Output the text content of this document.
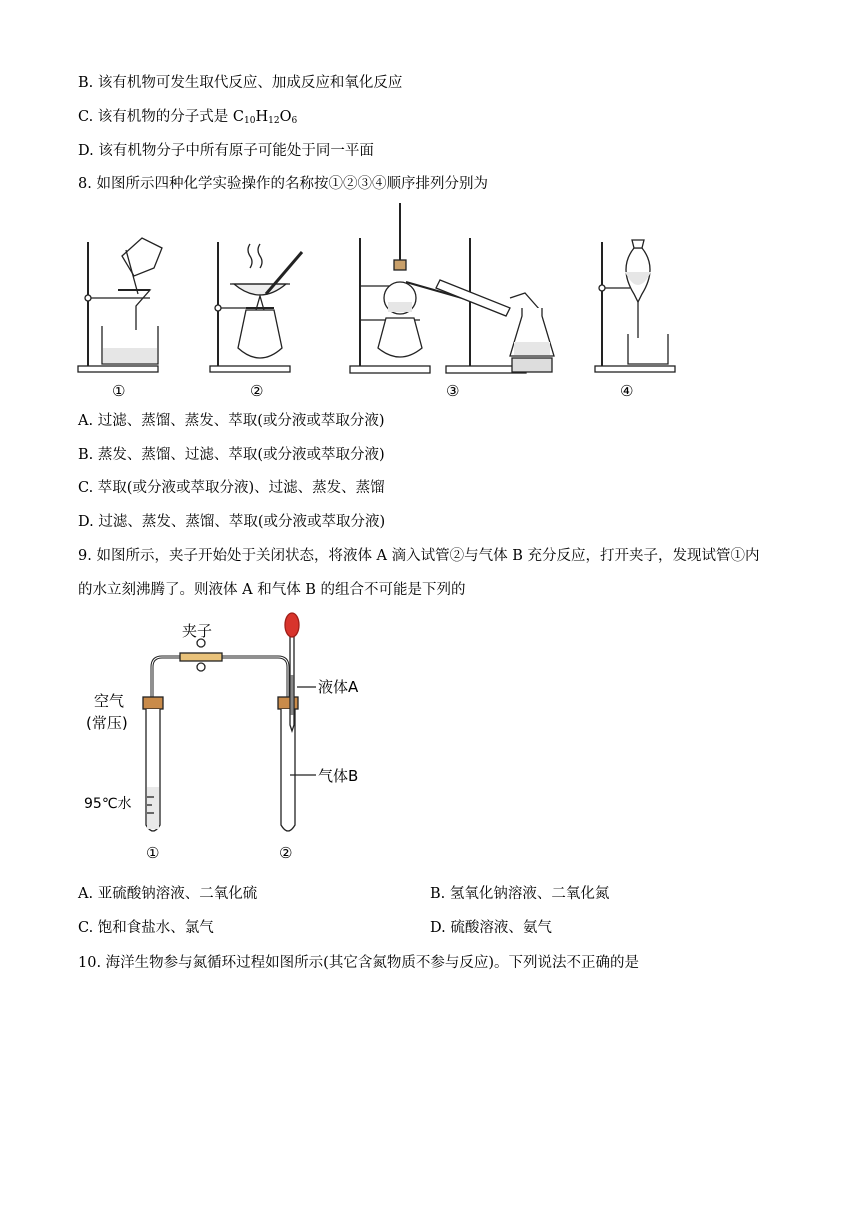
B. 该有机物可发生取代反应、加成反应和氧化反应
C. 该有机物的分子式是 $C_{10}H_{12}O_6$
D. 该有机物分子中所有原子可能处于同一平面
8. 如图所示四种化学实验操作的名称按①②③④顺序排列分别为
①	②	③	④
A. 过滤、蒸馏、蒸发、萃取(或分液或萃取分液)
B. 蒸发、蒸馏、过滤、萃取(或分液或萃取分液)
C. 萃取(或分液或萃取分液)、过滤、蒸发、蒸馏
D. 过滤、蒸发、蒸馏、萃取(或分液或萃取分液)
9. 如图所示，夹子开始处于关闭状态，将液体 A 滴入试管②与气体 B 充分反应，打开夹子，发现试管①内
的水立刻沸腾了。则液体 A 和气体 B 的组合不可能是下列的
夹子
空气
(常压)
95℃水
液体A
气体B
①	②
A. 亚硫酸钠溶液、二氧化硫	B. 氢氧化钠溶液、二氧化氮
C. 饱和食盐水、氯气	D. 硫酸溶液、氨气
10. 海洋生物参与氮循环过程如图所示(其它含氮物质不参与反应)。下列说法不正确的是
